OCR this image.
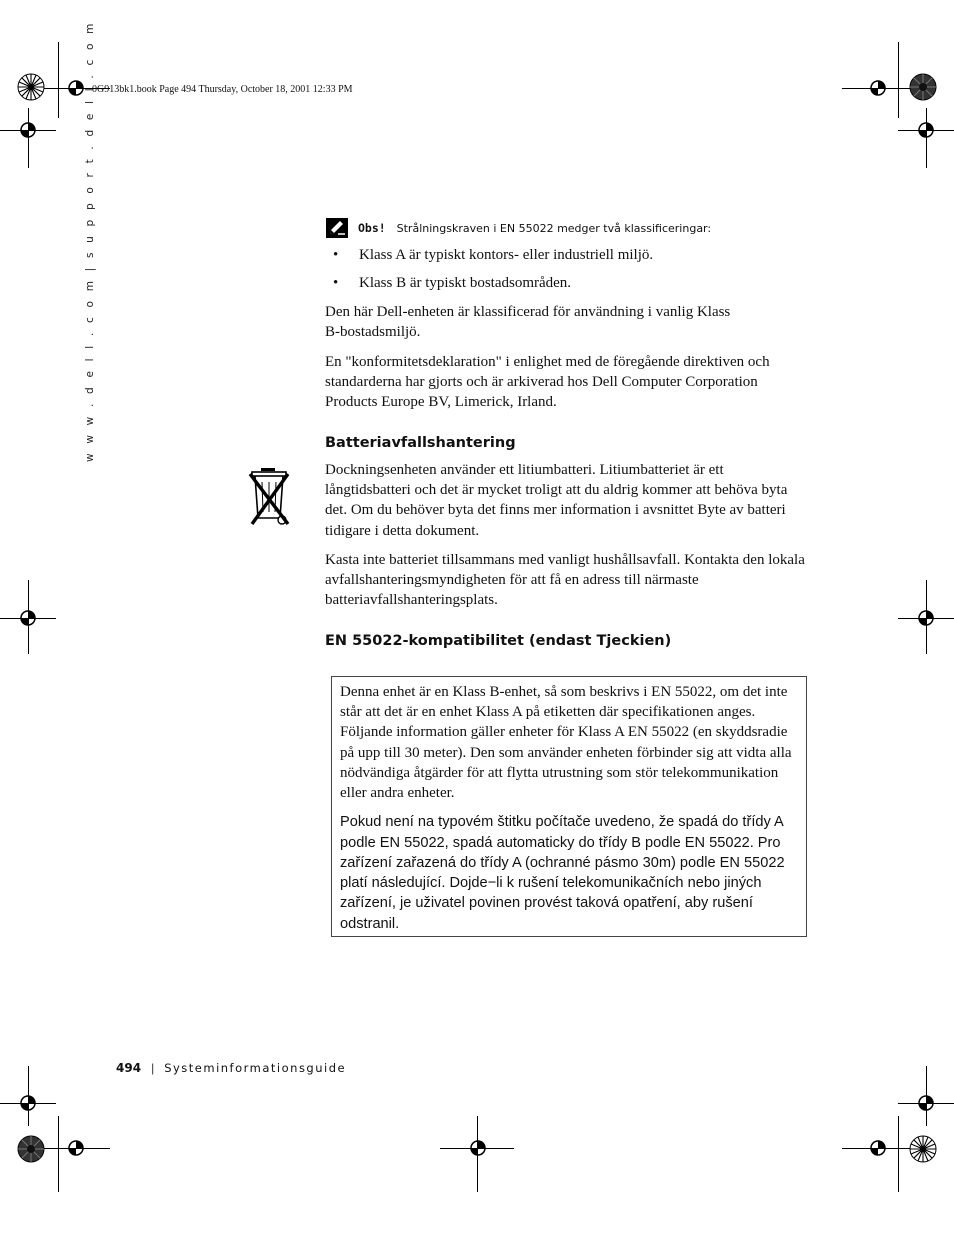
0G913bk1.book Page 494 Thursday, October 18, 2001 12:33 PM
w w w . d e l l . c o m | s u p p o r t . d e l l . c o m	Obs! Strålningskraven i EN 55022 medger två klassificeringar:
• Klass A är typiskt kontors- eller industriell miljö.
• Klass B är typiskt bostadsområden.

Den här Dell-enheten är klassificerad för användning i vanlig Klass B-bostadsmiljö.

En "konformitetsdeklaration" i enlighet med de föregående direktiven och standarderna har gjorts och är arkiverad hos Dell Computer Corporation Products Europe BV, Limerick, Irland.

Batteriavfallshantering

Dockningsenheten använder ett litiumbatteri. Litiumbatteriet är ett långtidsbatteri och det är mycket troligt att du aldrig kommer att behöva byta det. Om du behöver byta det finns mer information i avsnittet Byte av batteri tidigare i detta dokument.

Kasta inte batteriet tillsammans med vanligt hushållsavfall. Kontakta den lokala avfallshanteringsmyndigheten för att få en adress till närmaste batteriavfallshanteringsplats.

EN 55022-kompatibilitet (endast Tjeckien)

Denna enhet är en Klass B-enhet, så som beskrivs i EN 55022, om det inte står att det är en enhet Klass A på etiketten där specifikationen anges. Följande information gäller enheter för Klass A EN 55022 (en skyddsradie på upp till 30 meter). Den som använder enheten förbinder sig att vidta alla nödvändiga åtgärder för att flytta utrustning som stör telekommunikation eller andra enheter.

Pokud není na typovém štitku počítače uvedeno, že spadá do třídy A podle EN 55022, spadá automaticky do třídy B podle EN 55022. Pro zařízení zařazená do třídy A (ochranné pásmo 30m) podle EN 55022 platí následující. Dojde−li k rušení telekomunikačních nebo jiných zařízení, je uživatel povinen provést taková opatření, aby rušení odstranil.

494 | Systeminformationsguide
